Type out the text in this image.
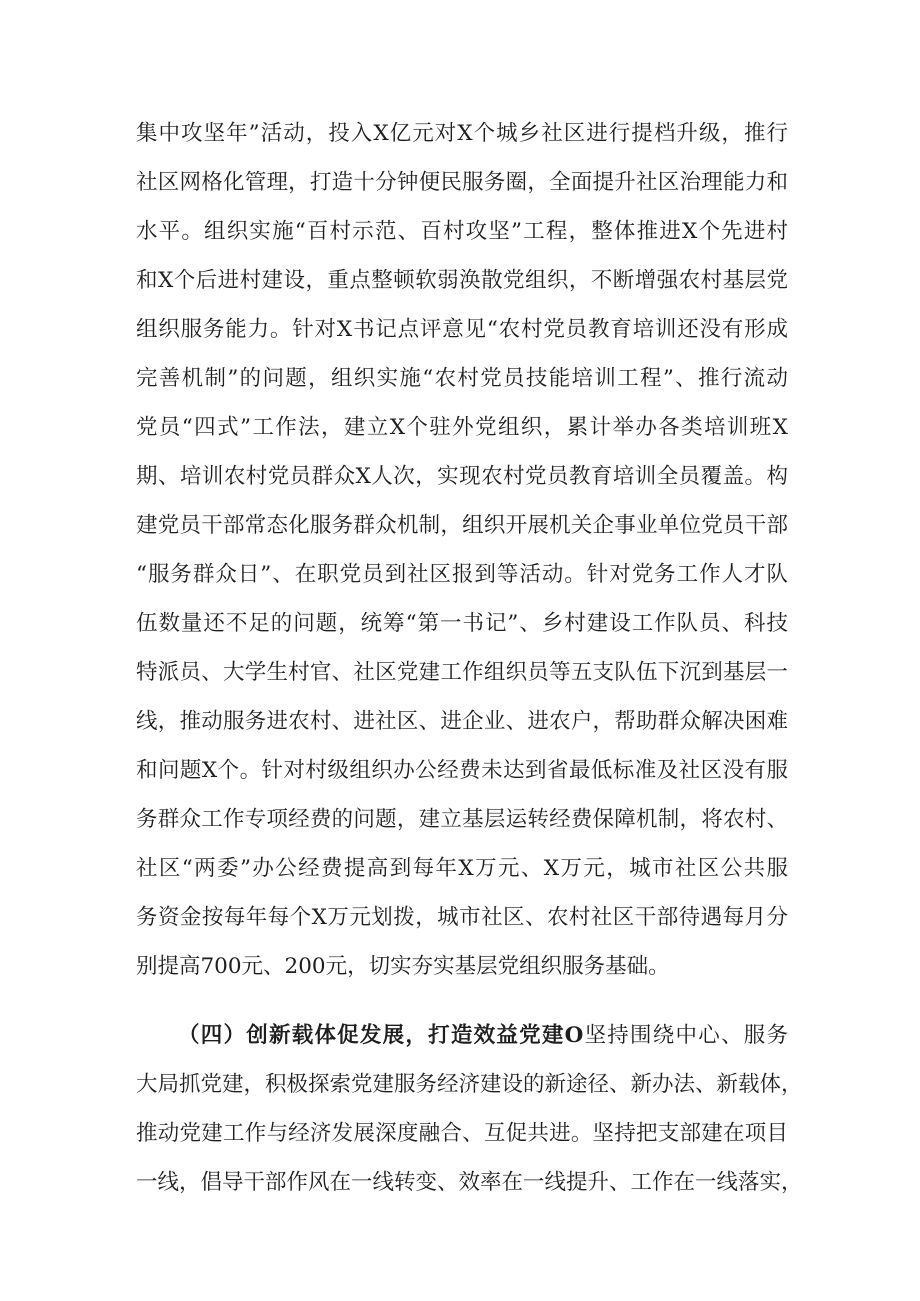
集中攻坚年”活动，投入X亿元对X个城乡社区进行提档升级，推行
社区网格化管理，打造十分钟便民服务圈，全面提升社区治理能力和
水平。组织实施“百村示范、百村攻坚”工程，整体推进X个先进村
和X个后进村建设，重点整顿软弱涣散党组织，不断增强农村基层党
组织服务能力。针对X书记点评意见“农村党员教育培训还没有形成
完善机制”的问题，组织实施“农村党员技能培训工程”、推行流动
党员“四式”工作法，建立X个驻外党组织，累计举办各类培训班X
期、培训农村党员群众X人次，实现农村党员教育培训全员覆盖。构
建党员干部常态化服务群众机制，组织开展机关企事业单位党员干部
“服务群众日”、在职党员到社区报到等活动。针对党务工作人才队
伍数量还不足的问题，统筹“第一书记”、乡村建设工作队员、科技
特派员、大学生村官、社区党建工作组织员等五支队伍下沉到基层一
线，推动服务进农村、进社区、进企业、进农户，帮助群众解决困难
和问题X个。针对村级组织办公经费未达到省最低标准及社区没有服
务群众工作专项经费的问题，建立基层运转经费保障机制，将农村、
社区“两委”办公经费提高到每年X万元、X万元，城市社区公共服
务资金按每年每个X万元划拨，城市社区、农村社区干部待遇每月分
别提高700元、200元，切实夯实基层党组织服务基础。
（四）创新载体促发展，打造效益党建O坚持围绕中心、服务
大局抓党建，积极探索党建服务经济建设的新途径、新办法、新载体，
推动党建工作与经济发展深度融合、互促共进。坚持把支部建在项目
一线，倡导干部作风在一线转变、效率在一线提升、工作在一线落实，
